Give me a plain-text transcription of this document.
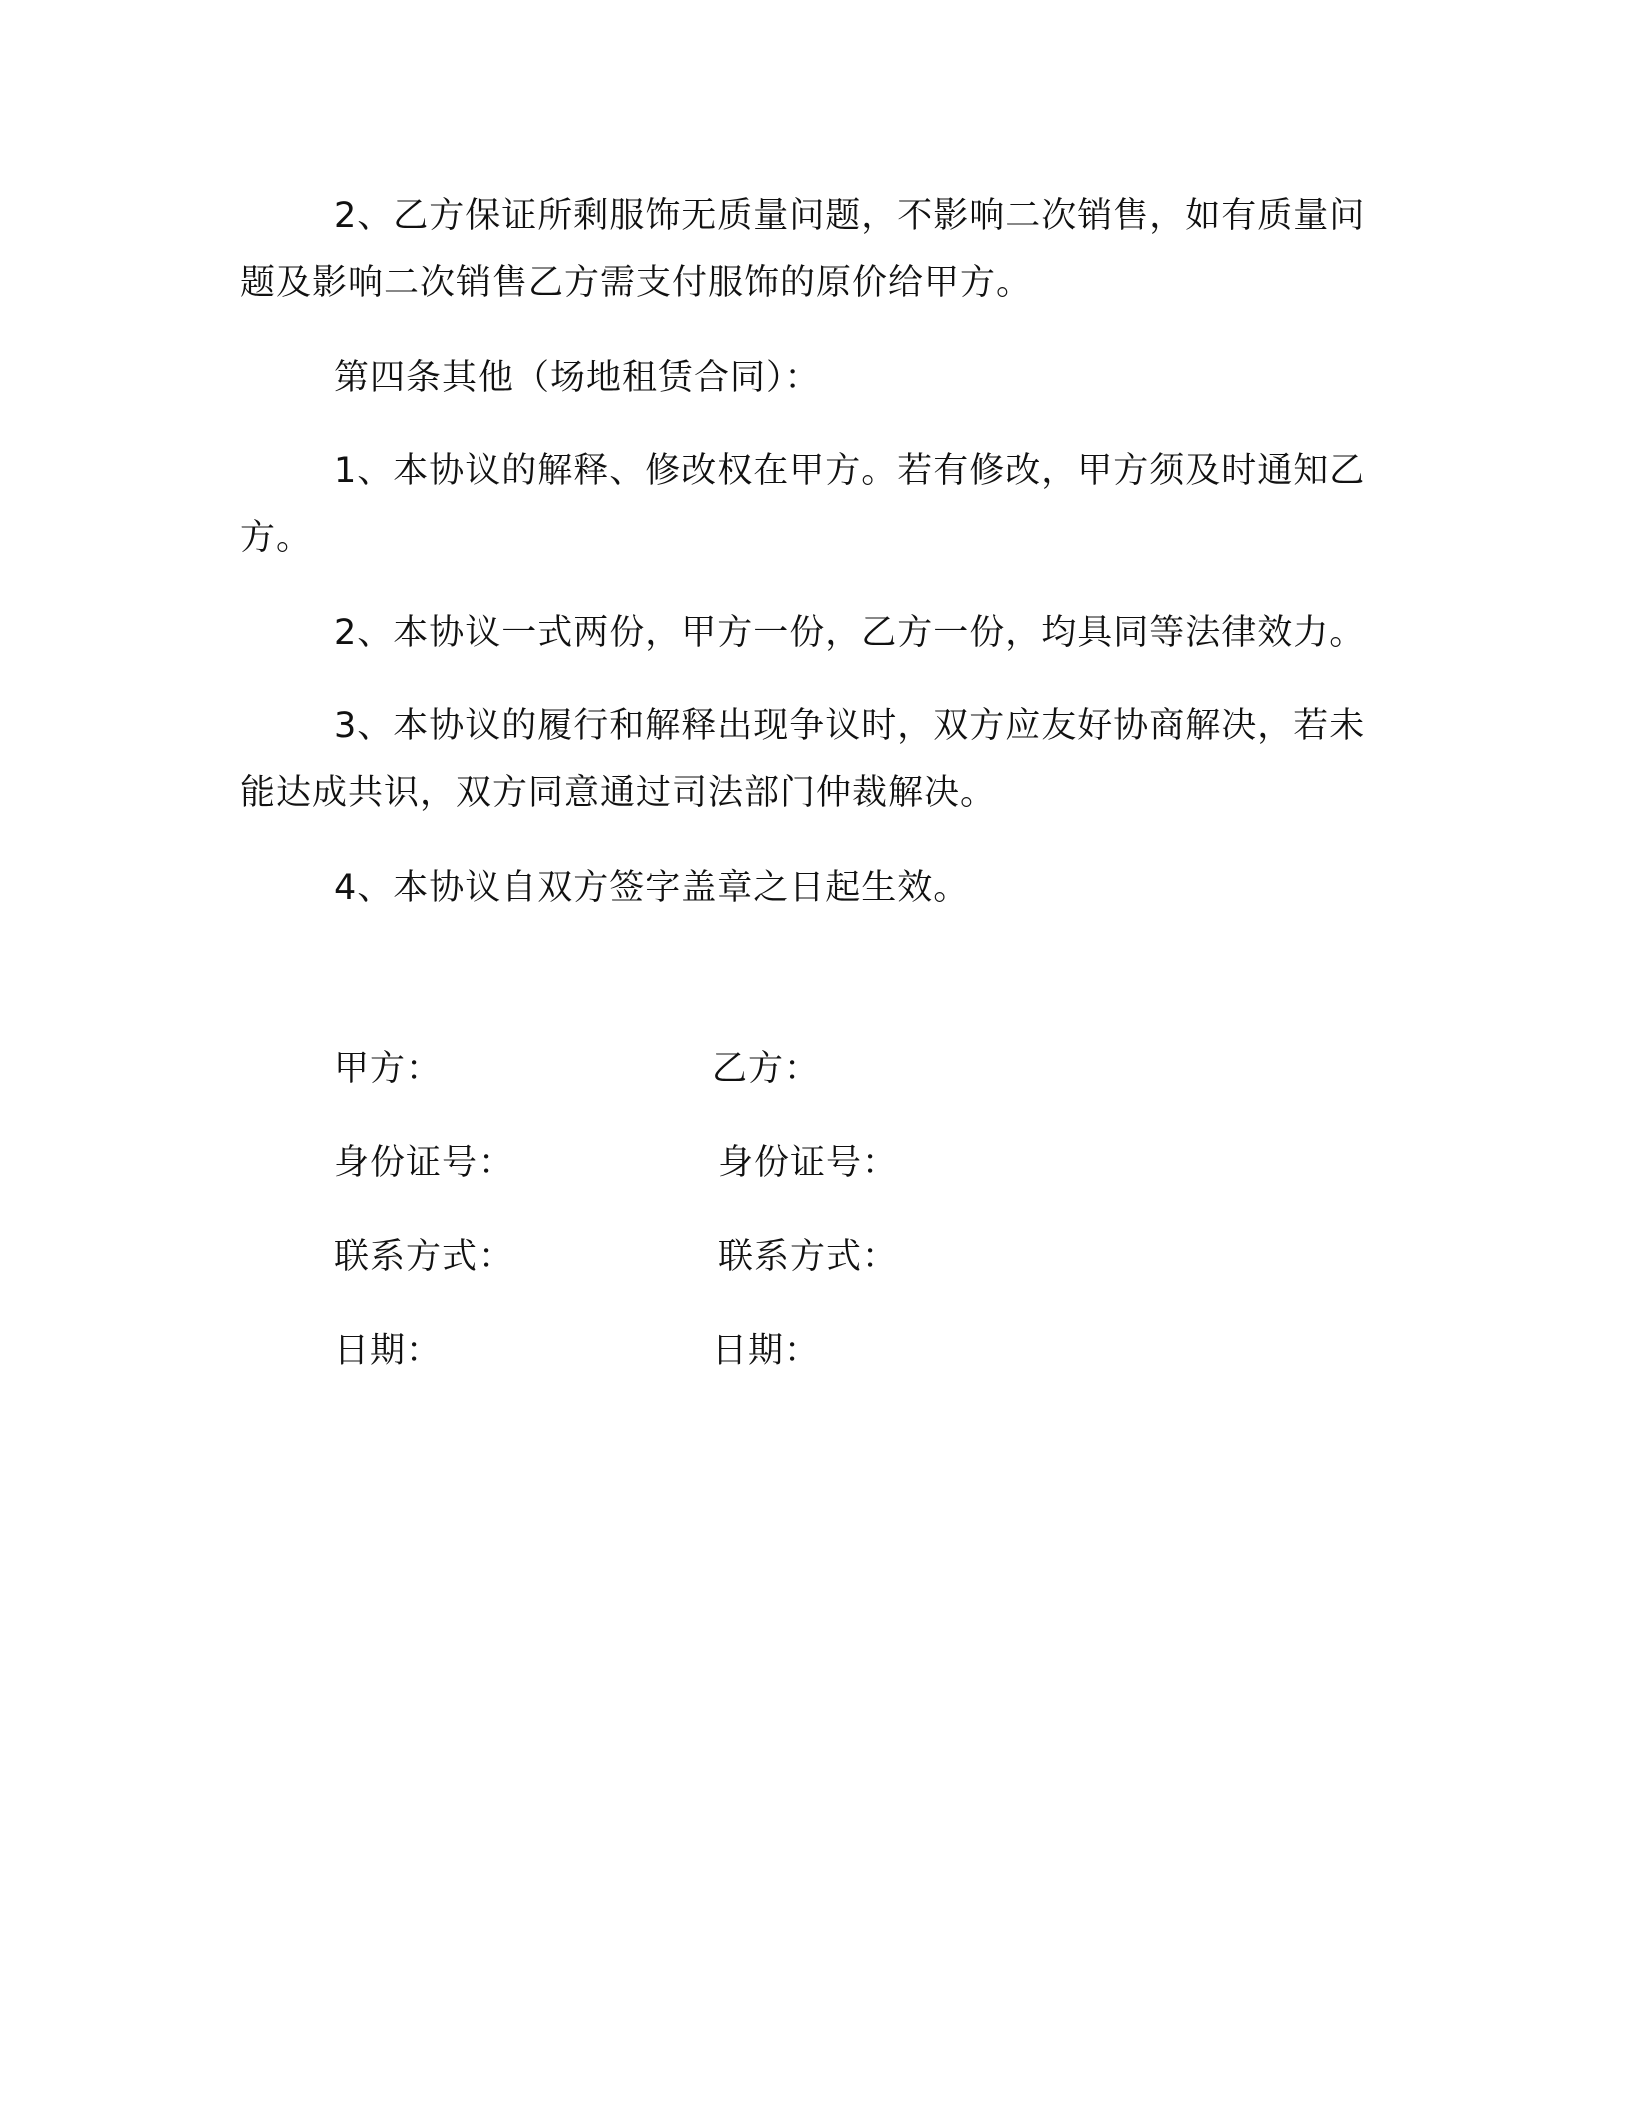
2、乙方保证所剩服饰无质量问题，不影响二次销售，如有质量问题及影响二次销售乙方需支付服饰的原价给甲方。

第四条其他（场地租赁合同）：

1、本协议的解释、修改权在甲方。若有修改，甲方须及时通知乙方。

2、本协议一式两份，甲方一份，乙方一份，均具同等法律效力。

3、本协议的履行和解释出现争议时，双方应友好协商解决，若未能达成共识，双方同意通过司法部门仲裁解决。

4、本协议自双方签字盖章之日起生效。

甲方：	乙方：

身份证号：	身份证号：

联系方式：	联系方式：

日期：	日期：
